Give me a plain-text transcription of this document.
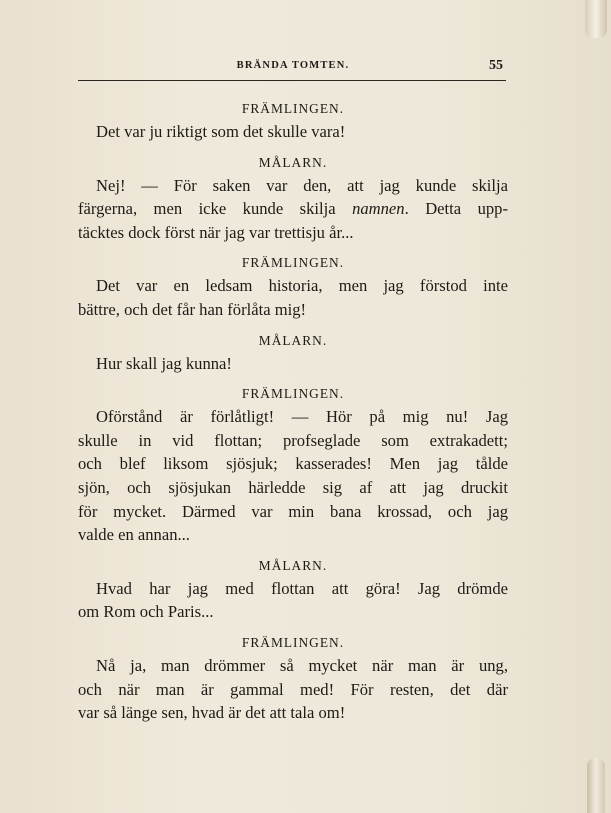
BRÄNDA TOMTEN.	55
FRÄMLINGEN.
Det var ju riktigt som det skulle vara!
MÅLARN.
Nej! — För saken var den, att jag kunde skilja
färgerna, men icke kunde skilja namnen. Detta upp-
täcktes dock först när jag var trettisju år...
FRÄMLINGEN.
Det var en ledsam historia, men jag förstod inte
bättre, och det får han förlåta mig!
MÅLARN.
Hur skall jag kunna!
FRÄMLINGEN.
Oförstånd är förlåtligt! — Hör på mig nu! Jag
skulle in vid flottan; profseglade som extrakadett;
och blef liksom sjösjuk; kasserades! Men jag tålde
sjön, och sjösjukan härledde sig af att jag druckit
för mycket. Därmed var min bana krossad, och jag
valde en annan...
MÅLARN.
Hvad har jag med flottan att göra! Jag drömde
om Rom och Paris...
FRÄMLINGEN.
Nå ja, man drömmer så mycket när man är ung,
och när man är gammal med! För resten, det där
var så länge sen, hvad är det att tala om!
